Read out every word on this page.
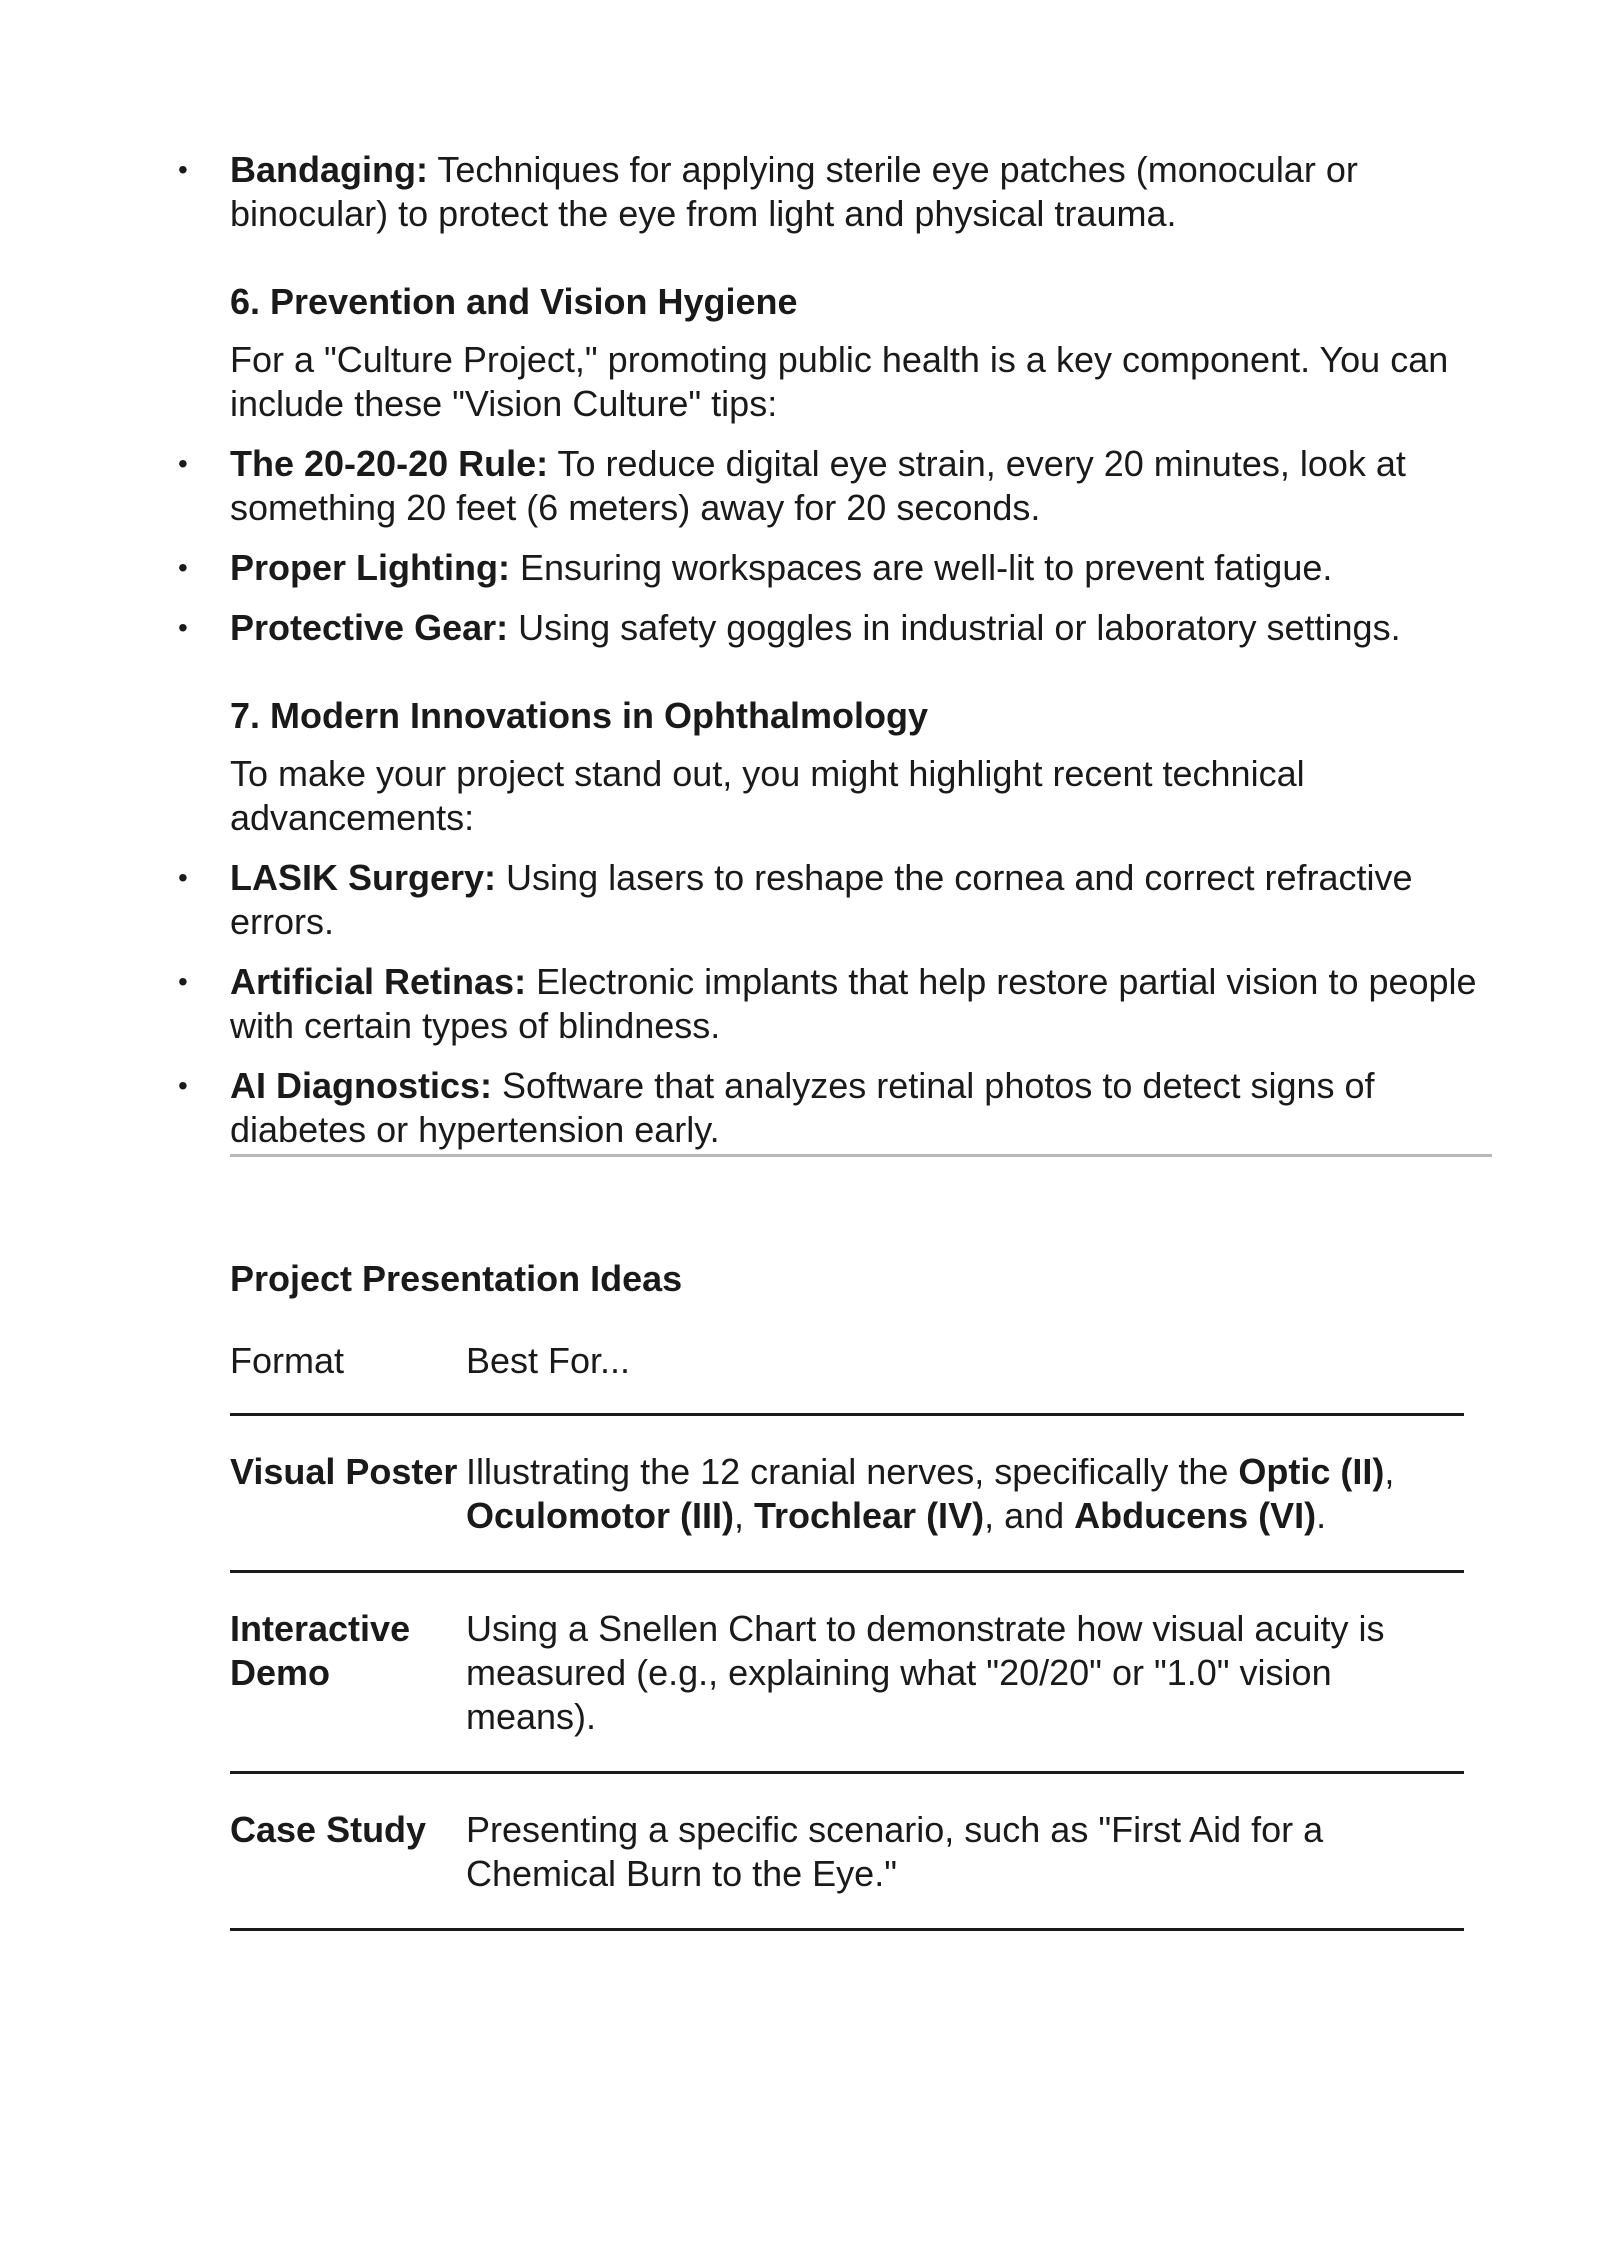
• Bandaging: Techniques for applying sterile eye patches (monocular or binocular) to protect the eye from light and physical trauma.
6. Prevention and Vision Hygiene

For a "Culture Project," promoting public health is a key component. You can include these "Vision Culture" tips:

• The 20-20-20 Rule: To reduce digital eye strain, every 20 minutes, look at something 20 feet (6 meters) away for 20 seconds.
• Proper Lighting: Ensuring workspaces are well-lit to prevent fatigue.
• Protective Gear: Using safety goggles in industrial or laboratory settings.
7. Modern Innovations in Ophthalmology

To make your project stand out, you might highlight recent technical advancements:

• LASIK Surgery: Using lasers to reshape the cornea and correct refractive errors.
• Artificial Retinas: Electronic implants that help restore partial vision to people with certain types of blindness.
• AI Diagnostics: Software that analyzes retinal photos to detect signs of diabetes or hypertension early.
Project Presentation Ideas
Format	Best For...
Visual Poster	Illustrating the 12 cranial nerves, specifically the Optic (II), Oculomotor (III), Trochlear (IV), and Abducens (VI).
Interactive Demo	Using a Snellen Chart to demonstrate how visual acuity is measured (e.g., explaining what "20/20" or "1.0" vision means).
Case Study	Presenting a specific scenario, such as "First Aid for a Chemical Burn to the Eye."
